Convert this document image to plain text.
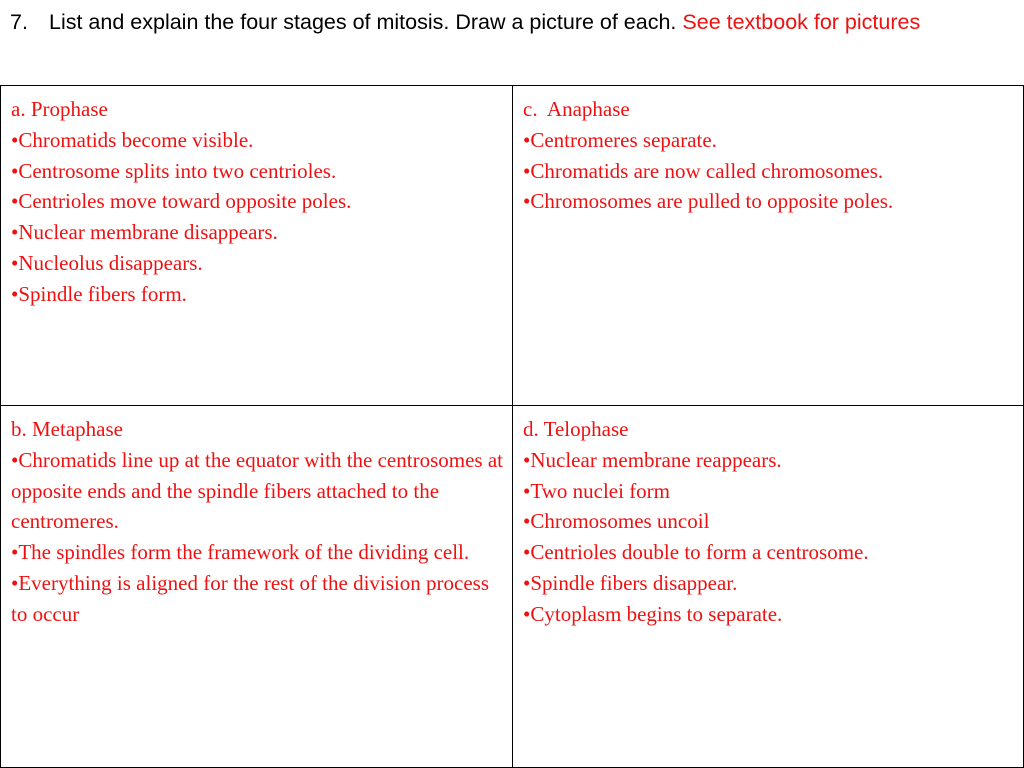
7. List and explain the four stages of mitosis. Draw a picture of each. See textbook for pictures
a. Prophase
•Chromatids become visible.
•Centrosome splits into two centrioles.
•Centrioles move toward opposite poles.
•Nuclear membrane disappears.
•Nucleolus disappears.
•Spindle fibers form.
c.  Anaphase
•Centromeres separate.
•Chromatids are now called chromosomes.
•Chromosomes are pulled to opposite poles.
b. Metaphase
•Chromatids line up at the equator with the centrosomes at opposite ends and the spindle fibers attached to the centromeres.
•The spindles form the framework of the dividing cell.
•Everything is aligned for the rest of the division process to occur
d. Telophase
•Nuclear membrane reappears.
•Two nuclei form
•Chromosomes uncoil
•Centrioles double to form a centrosome.
•Spindle fibers disappear.
•Cytoplasm begins to separate.
